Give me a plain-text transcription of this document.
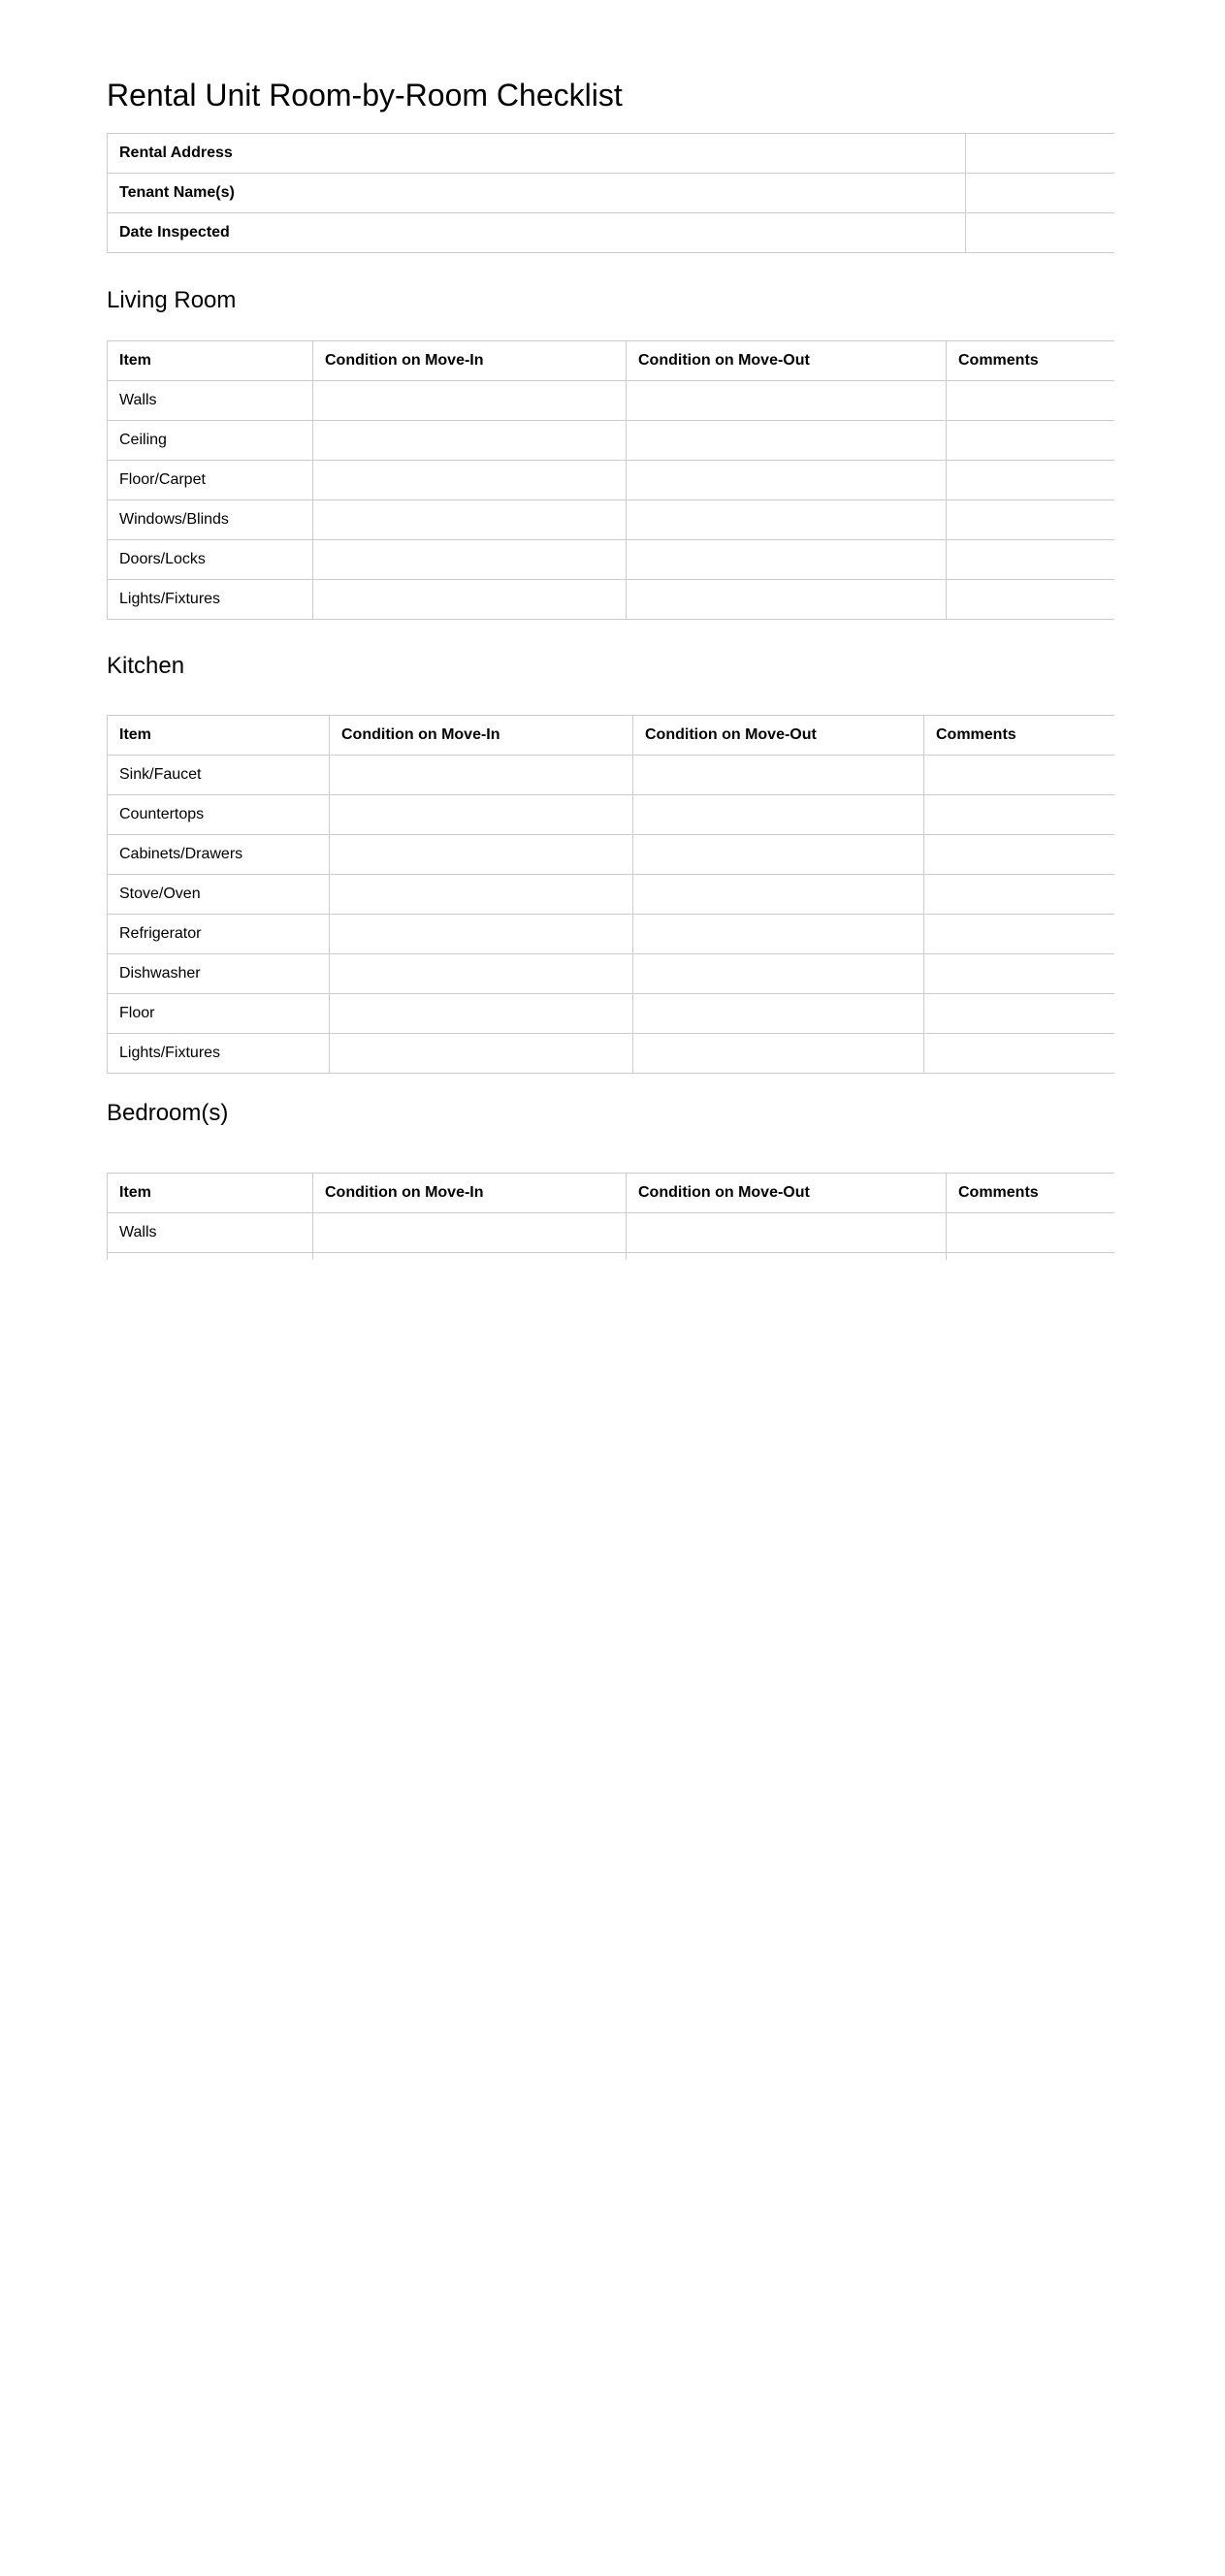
Rental Unit Room-by-Room Checklist
Rental Address	
Tenant Name(s)	
Date Inspected	
Living Room
Item	Condition on Move-In	Condition on Move-Out	Comments
Walls			
Ceiling			
Floor/Carpet			
Windows/Blinds			
Doors/Locks			
Lights/Fixtures			
Kitchen
Item	Condition on Move-In	Condition on Move-Out	Comments
Sink/Faucet			
Countertops			
Cabinets/Drawers			
Stove/Oven			
Refrigerator			
Dishwasher			
Floor			
Lights/Fixtures			
Bedroom(s)
Item	Condition on Move-In	Condition on Move-Out	Comments
Walls			
